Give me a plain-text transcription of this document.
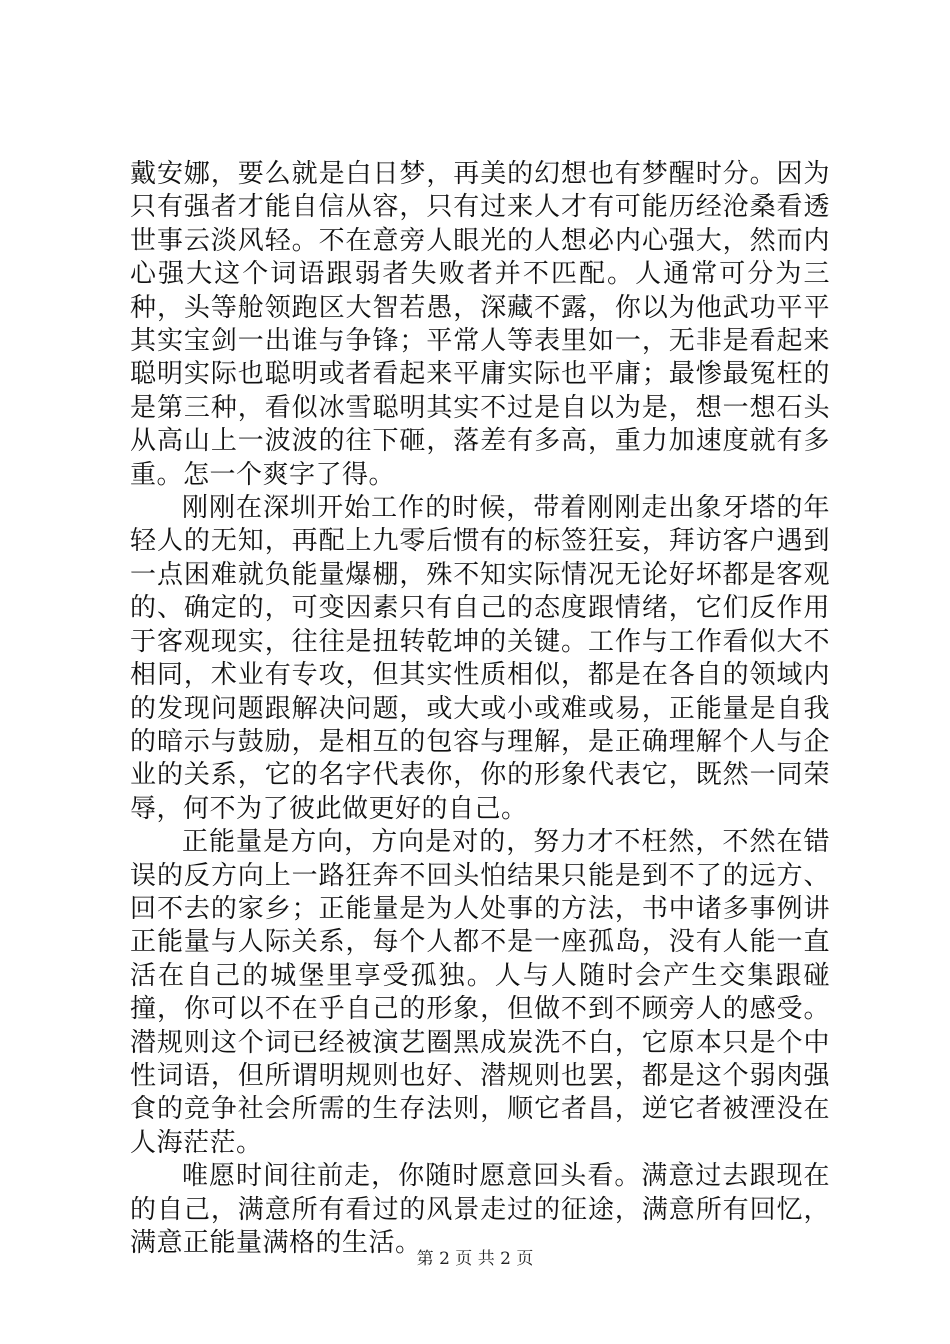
戴安娜，要么就是白日梦，再美的幻想也有梦醒时分。因为只有强者才能自信从容，只有过来人才有可能历经沧桑看透世事云淡风轻。不在意旁人眼光的人想必内心强大，然而内心强大这个词语跟弱者失败者并不匹配。人通常可分为三种，头等舱领跑区大智若愚，深藏不露，你以为他武功平平其实宝剑一出谁与争锋；平常人等表里如一，无非是看起来聪明实际也聪明或者看起来平庸实际也平庸；最惨最冤枉的是第三种，看似冰雪聪明其实不过是自以为是，想一想石头从高山上一波波的往下砸，落差有多高，重力加速度就有多重。怎一个爽字了得。

刚刚在深圳开始工作的时候，带着刚刚走出象牙塔的年轻人的无知，再配上九零后惯有的标签狂妄，拜访客户遇到一点困难就负能量爆棚，殊不知实际情况无论好坏都是客观的、确定的，可变因素只有自己的态度跟情绪，它们反作用于客观现实，往往是扭转乾坤的关键。工作与工作看似大不相同，术业有专攻，但其实性质相似，都是在各自的领域内的发现问题跟解决问题，或大或小或难或易，正能量是自我的暗示与鼓励，是相互的包容与理解，是正确理解个人与企业的关系，它的名字代表你，你的形象代表它，既然一同荣辱，何不为了彼此做更好的自己。

正能量是方向，方向是对的，努力才不枉然，不然在错误的反方向上一路狂奔不回头怕结果只能是到不了的远方、回不去的家乡；正能量是为人处事的方法，书中诸多事例讲正能量与人际关系，每个人都不是一座孤岛，没有人能一直活在自己的城堡里享受孤独。人与人随时会产生交集跟碰撞，你可以不在乎自己的形象，但做不到不顾旁人的感受。潜规则这个词已经被演艺圈黑成炭洗不白，它原本只是个中性词语，但所谓明规则也好、潜规则也罢，都是这个弱肉强食的竞争社会所需的生存法则，顺它者昌，逆它者被湮没在人海茫茫。

唯愿时间往前走，你随时愿意回头看。满意过去跟现在的自己，满意所有看过的风景走过的征途，满意所有回忆，满意正能量满格的生活。

第 2 页 共 2 页
